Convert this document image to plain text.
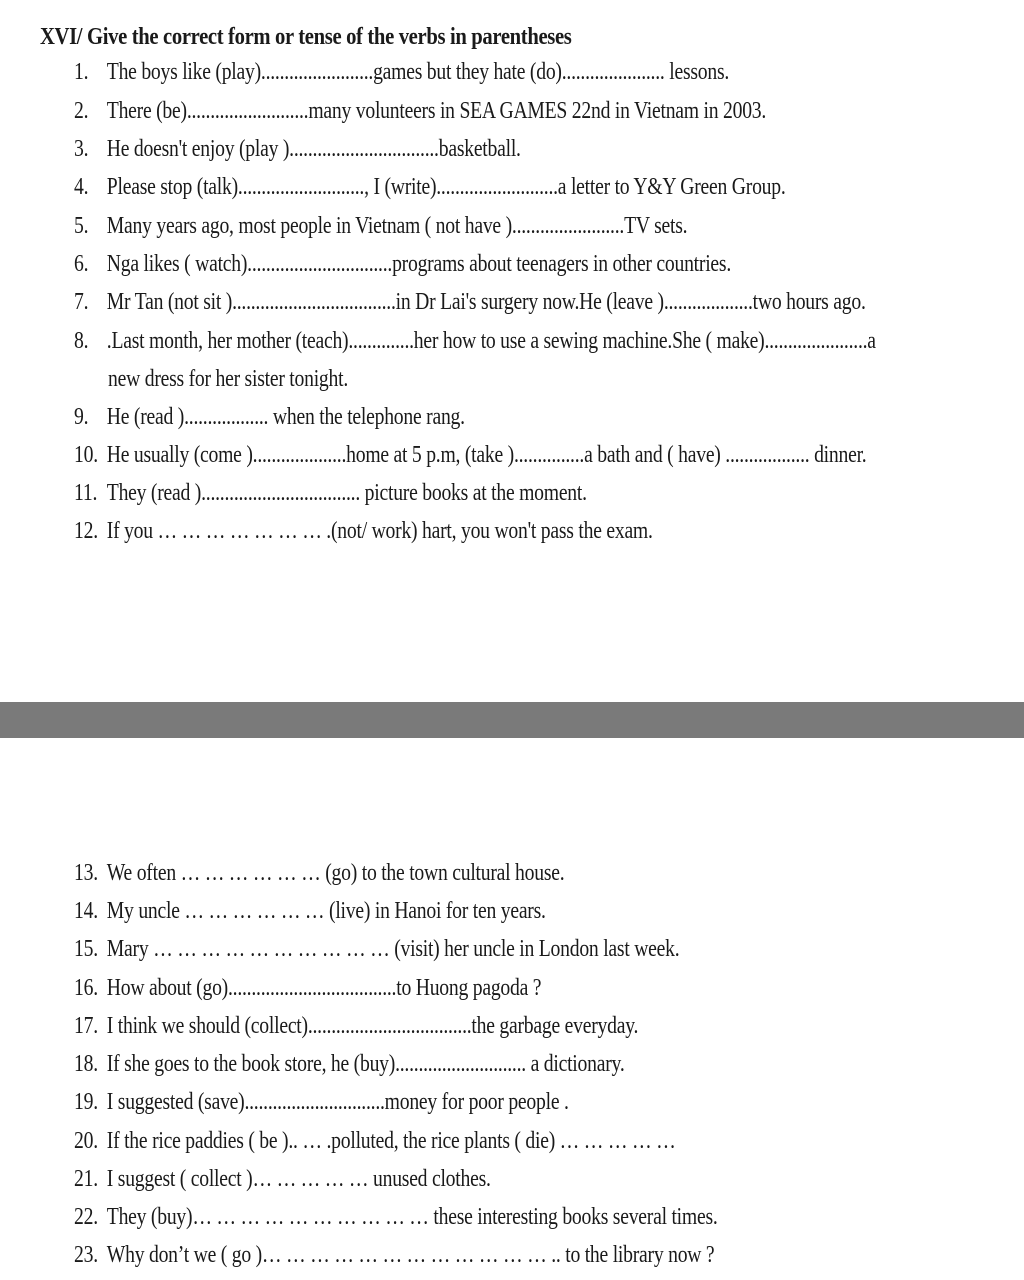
XVI/ Give the correct form or tense of the verbs in parentheses
1. The boys like (play)........................games but they hate (do)...................... lessons.
2. There (be)..........................many volunteers in SEA GAMES 22nd in Vietnam in 2003.
3. He doesn't enjoy (play )................................basketball.
4. Please stop (talk)..........................., I (write)..........................a letter to Y&Y Green Group.
5. Many years ago, most people in Vietnam ( not have )........................TV sets.
6. Nga likes ( watch)...............................programs about teenagers in other countries.
7. Mr Tan (not sit )...................................in Dr Lai's surgery now.He (leave )...................two hours ago.
8. .Last month, her mother (teach)..............her how to use a sewing machine.She ( make)......................a
new dress for her sister tonight.
9. He (read ).................. when the telephone rang.
10. He usually (come )....................home at 5 p.m, (take )...............a bath and ( have) .................. dinner.
11. They (read ).................................. picture books at the moment.
12. If you … … … … … … … .(not/ work) hart, you won't pass the exam.
13. We often … … … … … … (go) to the town cultural house.
14. My uncle … … … … … … (live) in Hanoi for ten years.
15. Mary … … … … … … … … … … (visit) her uncle in London last week.
16. How about (go)....................................to Huong pagoda ?
17. I think we should (collect)...................................the garbage everyday.
18. If she goes to the book store, he (buy)............................ a dictionary.
19. I suggested (save)..............................money for poor people .
20. If the rice paddies ( be ).. … .polluted, the rice plants ( die) … … … … …
21. I suggest ( collect )… … … … … unused clothes.
22. They (buy)… … … … … … … … … … these interesting books several times.
23. Why don’t we ( go )… … … … … … … … … … … … .. to the library now ?
